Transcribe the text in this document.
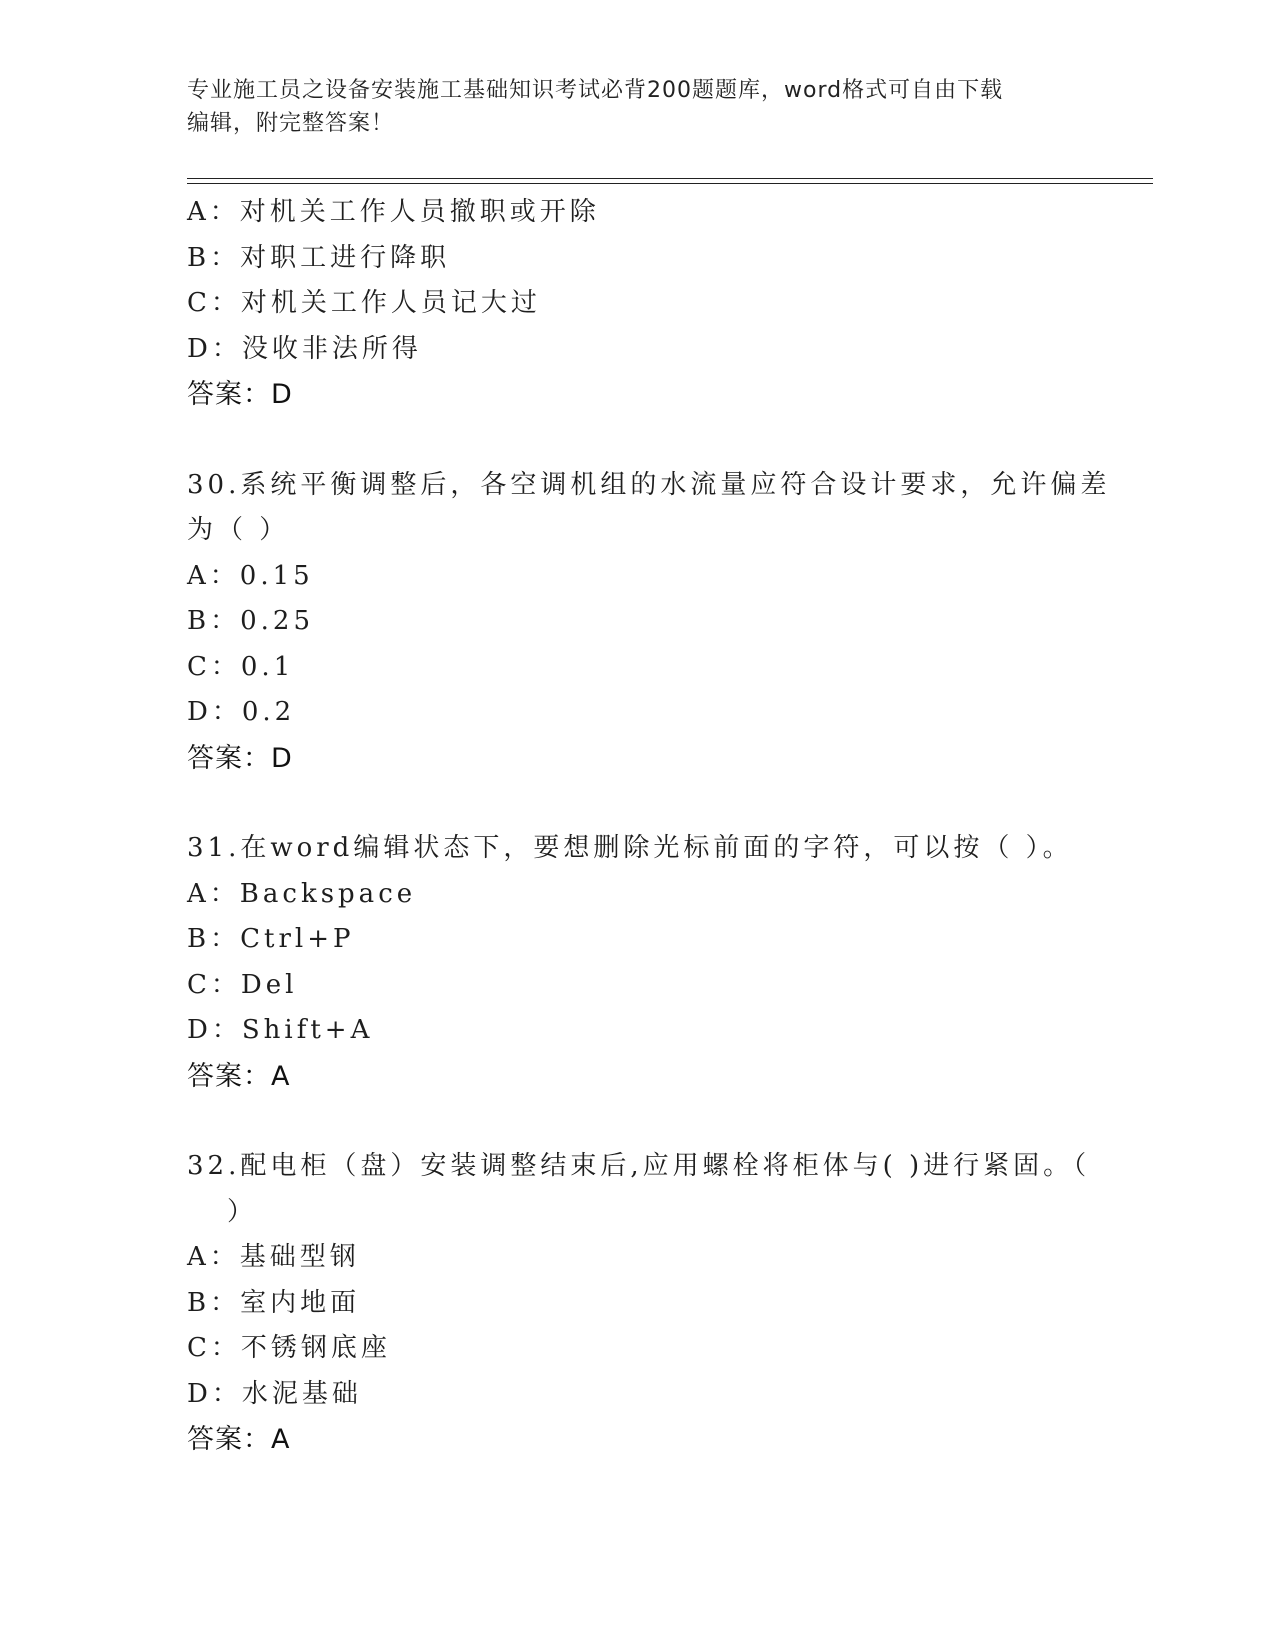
专业施工员之设备安装施工基础知识考试必背200题题库，word格式可自由下载
编辑，附完整答案！
A：对机关工作人员撤职或开除
B：对职工进行降职
C：对机关工作人员记大过
D：没收非法所得
答案：D
30.系统平衡调整后，各空调机组的水流量应符合设计要求，允许偏差
为（ ）
A：0.15
B：0.25
C：0.1
D：0.2
答案：D
31.在word编辑状态下，要想删除光标前面的字符，可以按（ ）。
A：Backspace
B：Ctrl+P
C：Del
D：Shift+A
答案：A
32.配电柜（盘）安装调整结束后,应用螺栓将柜体与( )进行紧固。（
）
A：基础型钢
B：室内地面
C：不锈钢底座
D：水泥基础
答案：A
